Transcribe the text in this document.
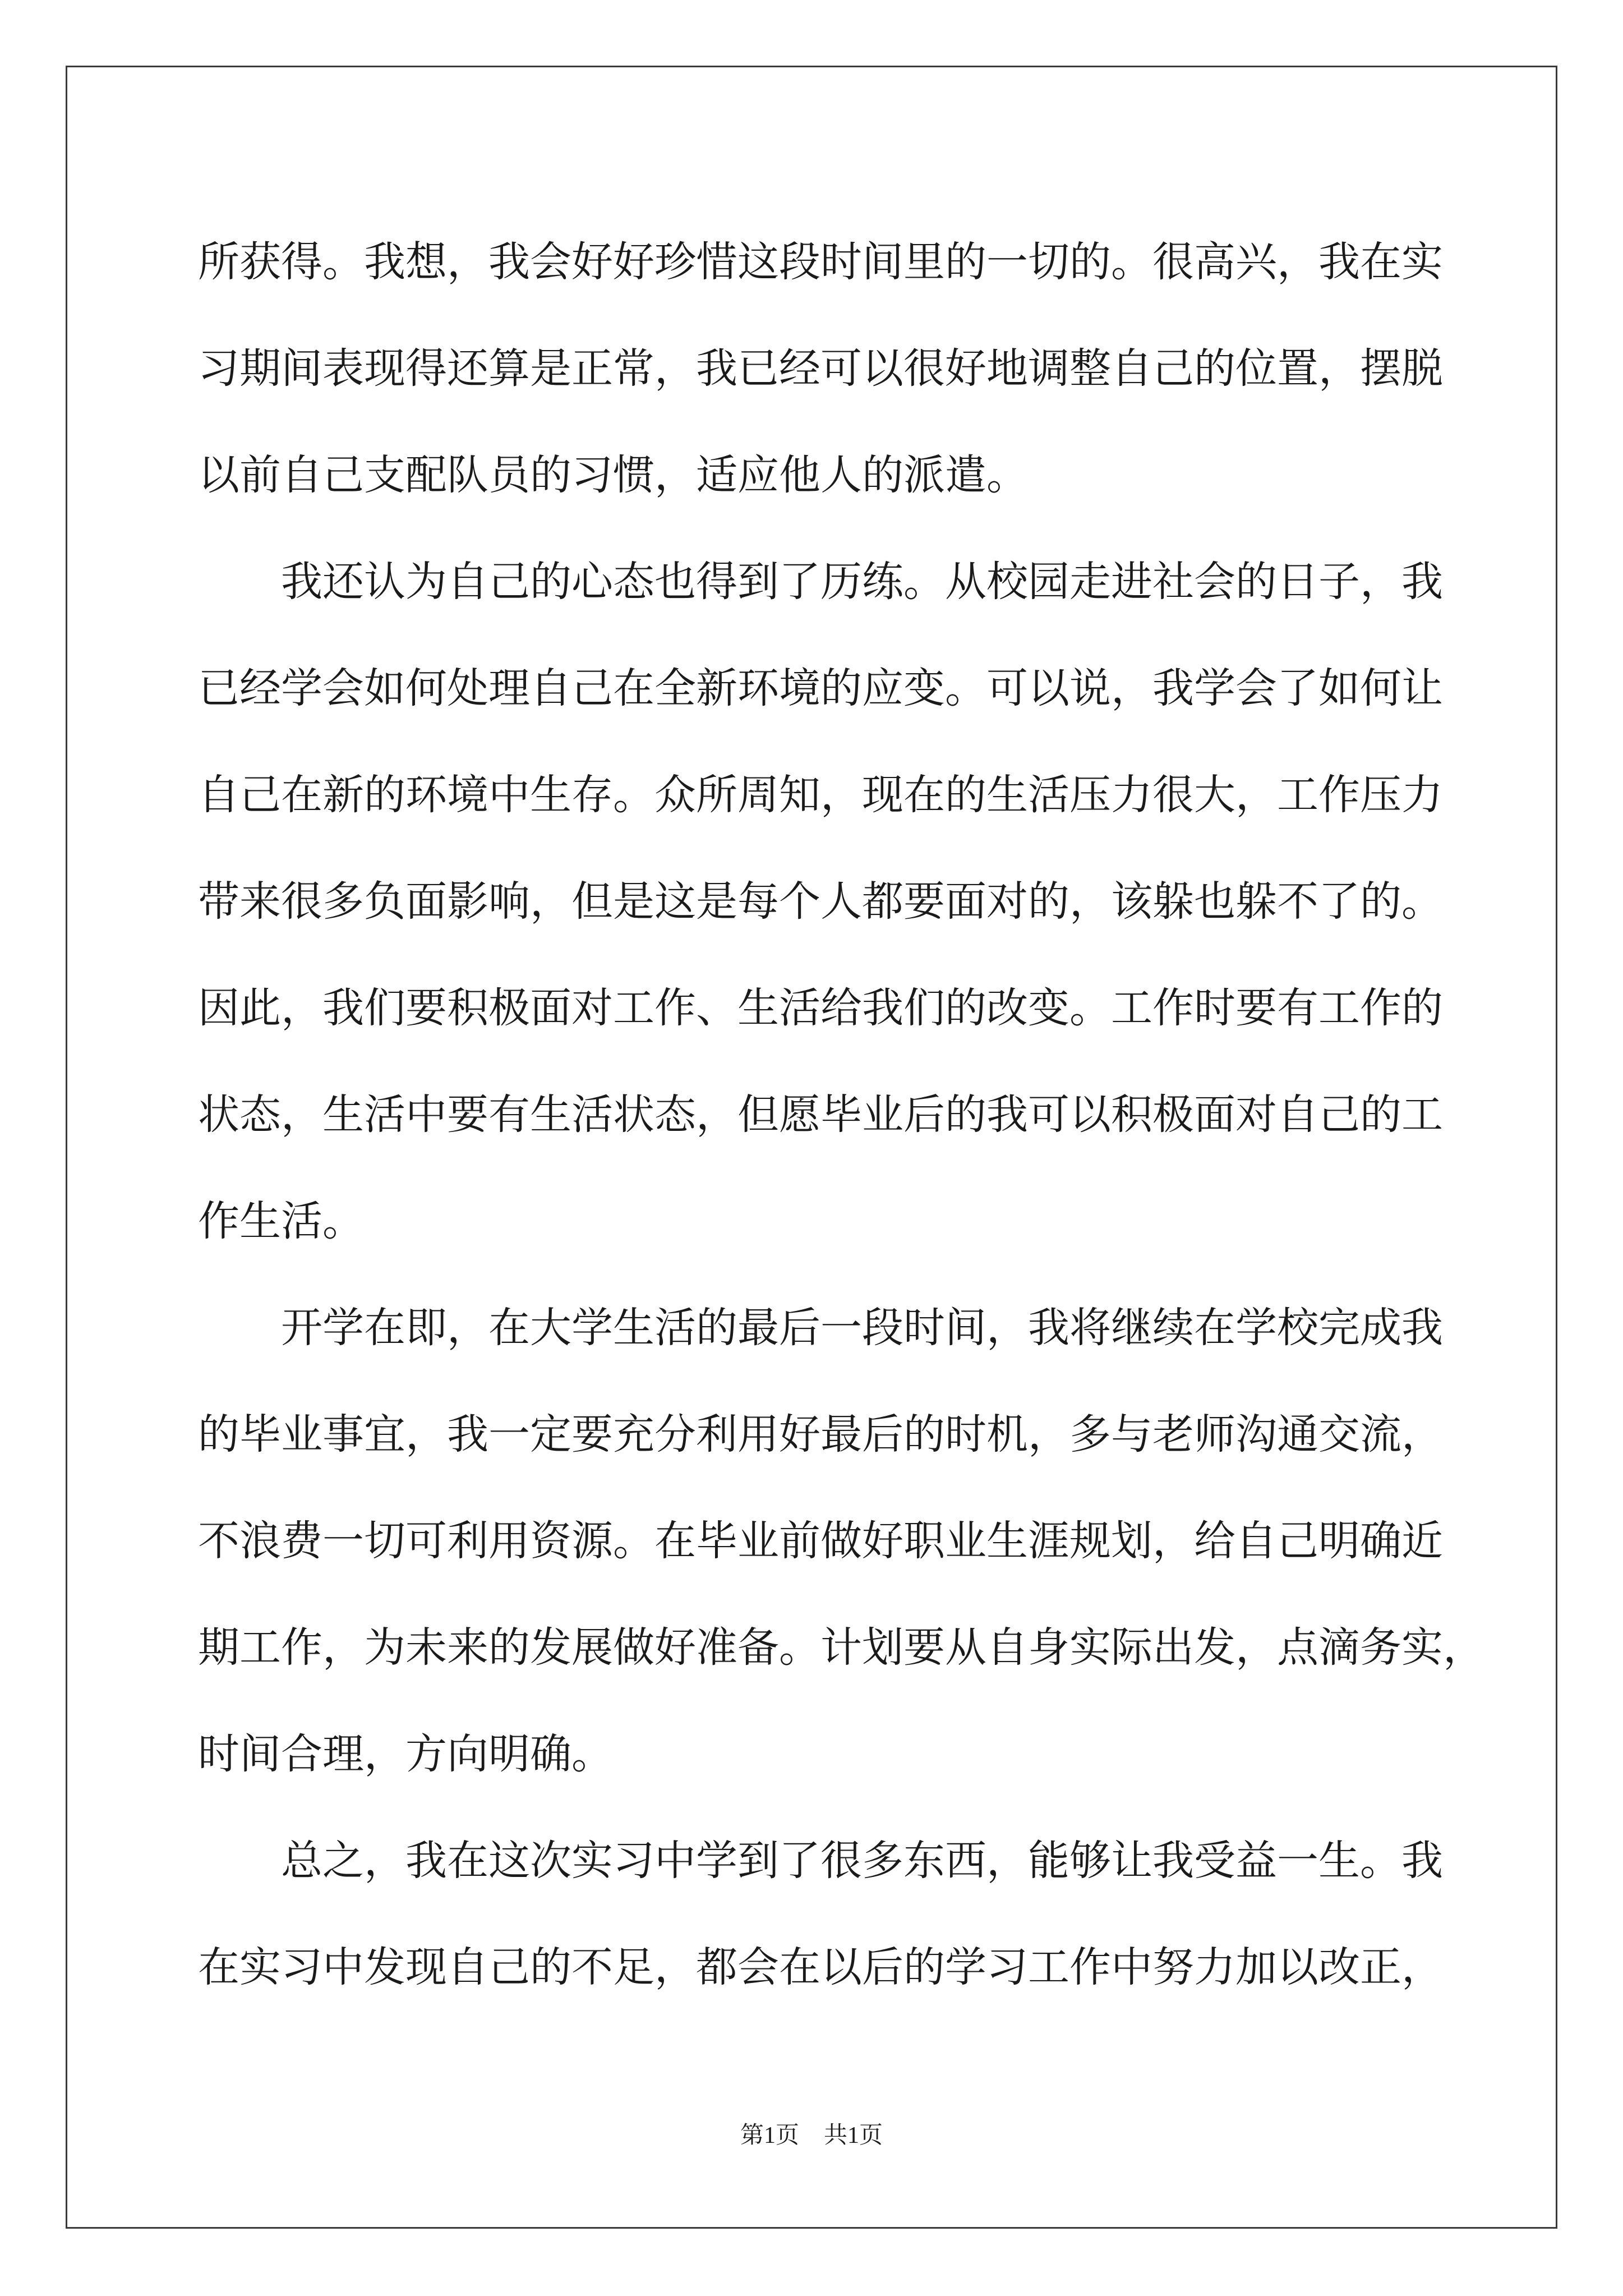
所获得。我想，我会好好珍惜这段时间里的一切的。很高兴，我在实
习期间表现得还算是正常，我已经可以很好地调整自己的位置，摆脱
以前自己支配队员的习惯，适应他人的派遣。
我还认为自己的心态也得到了历练。从校园走进社会的日子，我
已经学会如何处理自己在全新环境的应变。可以说，我学会了如何让
自己在新的环境中生存。众所周知，现在的生活压力很大，工作压力
带来很多负面影响，但是这是每个人都要面对的，该躲也躲不了的。
因此，我们要积极面对工作、生活给我们的改变。工作时要有工作的
状态，生活中要有生活状态，但愿毕业后的我可以积极面对自己的工
作生活。
开学在即，在大学生活的最后一段时间，我将继续在学校完成我
的毕业事宜，我一定要充分利用好最后的时机，多与老师沟通交流，
不浪费一切可利用资源。在毕业前做好职业生涯规划，给自己明确近
期工作，为未来的发展做好准备。计划要从自身实际出发，点滴务实，
时间合理，方向明确。
总之，我在这次实习中学到了很多东西，能够让我受益一生。我
在实习中发现自己的不足，都会在以后的学习工作中努力加以改正，
第1页 共1页
